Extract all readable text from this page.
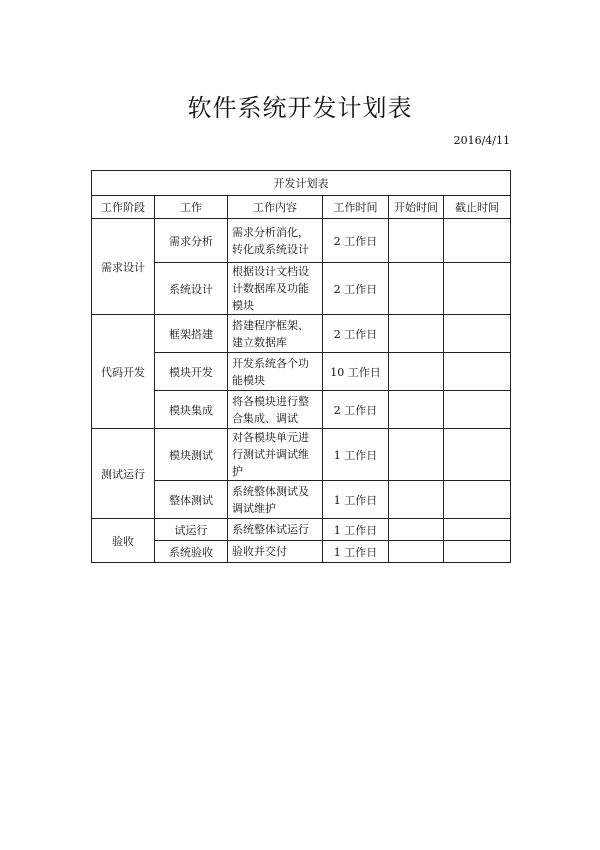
软件系统开发计划表
2016/4/11
开发计划表					
工作阶段	工作	工作内容	工作时间	开始时间	截止时间
需求设计	需求分析	需求分析消化，转化成系统设计	2 工作日		
	系统设计	根据设计文档设计数据库及功能模块	2 工作日		
代码开发	框架搭建	搭建程序框架、建立数据库	2 工作日		
	模块开发	开发系统各个功能模块	10 工作日		
	模块集成	将各模块进行整合集成、调试	2 工作日		
测试运行	模块测试	对各模块单元进行测试并调试维护	1 工作日		
	整体测试	系统整体测试及调试维护	1 工作日		
验收	试运行	系统整体试运行	1 工作日		
	系统验收	验收并交付	1 工作日		
